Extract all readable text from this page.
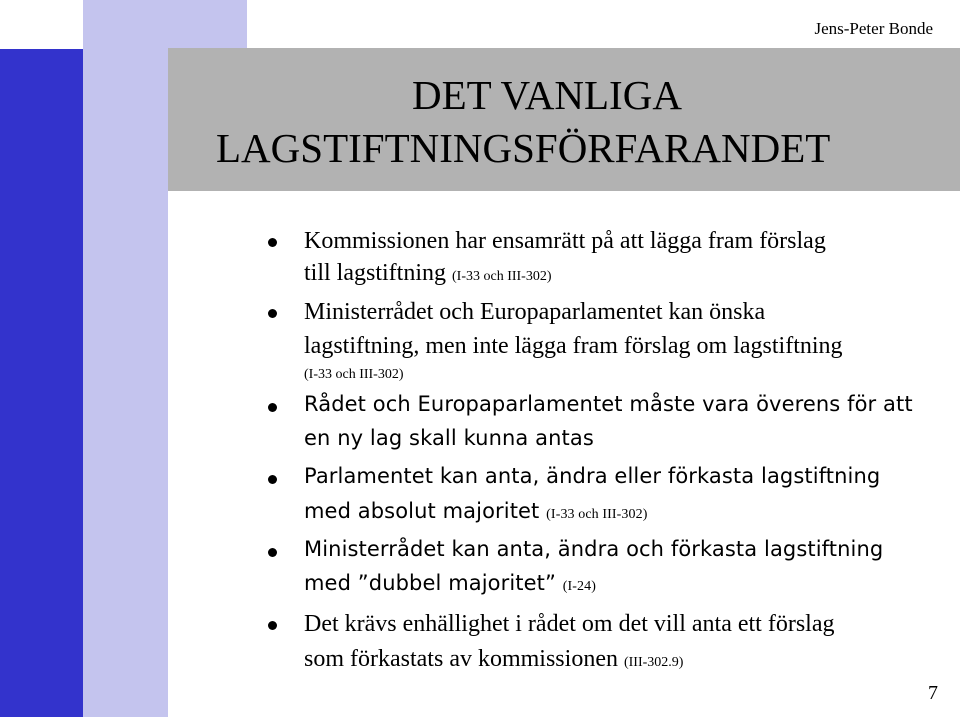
Jens-Peter Bonde
DET VANLIGA
LAGSTIFTNINGSFÖRFARANDET
Kommissionen har ensamrätt på att lägga fram förslag
till lagstiftning (I-33 och III-302)
Ministerrådet och Europaparlamentet kan önska
lagstiftning, men inte lägga fram förslag om lagstiftning
(I-33 och III-302)
Rådet och Europaparlamentet måste vara överens för att
en ny lag skall kunna antas
Parlamentet kan anta, ändra eller förkasta lagstiftning
med absolut majoritet (I-33 och III-302)
Ministerrådet kan anta, ändra och förkasta lagstiftning
med ”dubbel majoritet” (I-24)
Det krävs enhällighet i rådet om det vill anta ett förslag
som förkastats av kommissionen (III-302.9)
7
